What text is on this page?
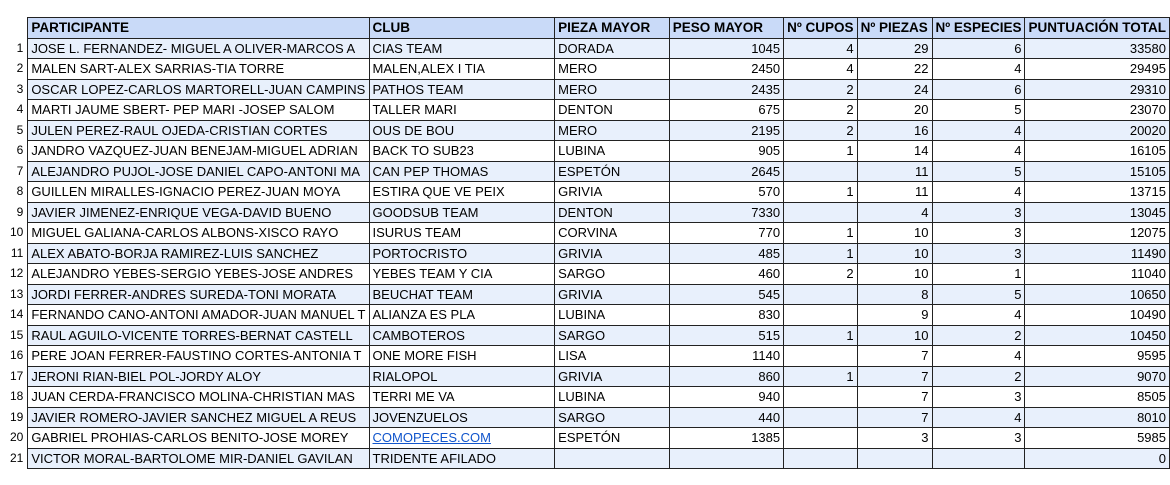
	PARTICIPANTE	CLUB	PIEZA MAYOR	PESO MAYOR	Nº CUPOS	Nº PIEZAS	Nº ESPECIES	PUNTUACIÓN TOTAL
1	JOSE L. FERNANDEZ- MIGUEL A OLIVER-MARCOS A	CIAS TEAM	DORADA	1045	4	29	6	33580
2	MALEN SART-ALEX SARRIAS-TIA TORRE	MALEN,ALEX I TIA	MERO	2450	4	22	4	29495
3	OSCAR LOPEZ-CARLOS MARTORELL-JUAN CAMPINS	PATHOS TEAM	MERO	2435	2	24	6	29310
4	MARTI JAUME SBERT- PEP MARI -JOSEP SALOM	TALLER MARI	DENTON	675	2	20	5	23070
5	JULEN PEREZ-RAUL OJEDA-CRISTIAN CORTES	OUS DE BOU	MERO	2195	2	16	4	20020
6	JANDRO VAZQUEZ-JUAN BENEJAM-MIGUEL ADRIAN	BACK TO SUB23	LUBINA	905	1	14	4	16105
7	ALEJANDRO PUJOL-JOSE DANIEL CAPO-ANTONI MA	CAN PEP THOMAS	ESPETÓN	2645		11	5	15105
8	GUILLEN MIRALLES-IGNACIO PEREZ-JUAN MOYA	ESTIRA QUE VE PEIX	GRIVIA	570	1	11	4	13715
9	JAVIER JIMENEZ-ENRIQUE VEGA-DAVID BUENO	GOODSUB TEAM	DENTON	7330		4	3	13045
10	MIGUEL GALIANA-CARLOS ALBONS-XISCO RAYO	ISURUS TEAM	CORVINA	770	1	10	3	12075
11	ALEX ABATO-BORJA RAMIREZ-LUIS SANCHEZ	PORTOCRISTO	GRIVIA	485	1	10	3	11490
12	ALEJANDRO YEBES-SERGIO YEBES-JOSE ANDRES	YEBES TEAM Y CIA	SARGO	460	2	10	1	11040
13	JORDI FERRER-ANDRES SUREDA-TONI MORATA	BEUCHAT TEAM	GRIVIA	545		8	5	10650
14	FERNANDO CANO-ANTONI AMADOR-JUAN MANUEL T	ALIANZA ES PLA	LUBINA	830		9	4	10490
15	RAUL AGUILO-VICENTE TORRES-BERNAT CASTELL	CAMBOTEROS	SARGO	515	1	10	2	10450
16	PERE JOAN FERRER-FAUSTINO CORTES-ANTONIA T	ONE MORE FISH	LISA	1140		7	4	9595
17	JERONI RIAN-BIEL POL-JORDY ALOY	RIALOPOL	GRIVIA	860	1	7	2	9070
18	JUAN CERDA-FRANCISCO MOLINA-CHRISTIAN MAS	TERRI ME VA	LUBINA	940		7	3	8505
19	JAVIER ROMERO-JAVIER SANCHEZ MIGUEL A REUS	JOVENZUELOS	SARGO	440		7	4	8010
20	GABRIEL PROHIAS-CARLOS BENITO-JOSE MOREY	COMOPECES.COM	ESPETÓN	1385		3	3	5985
21	VICTOR MORAL-BARTOLOME MIR-DANIEL GAVILAN	TRIDENTE AFILADO						0
